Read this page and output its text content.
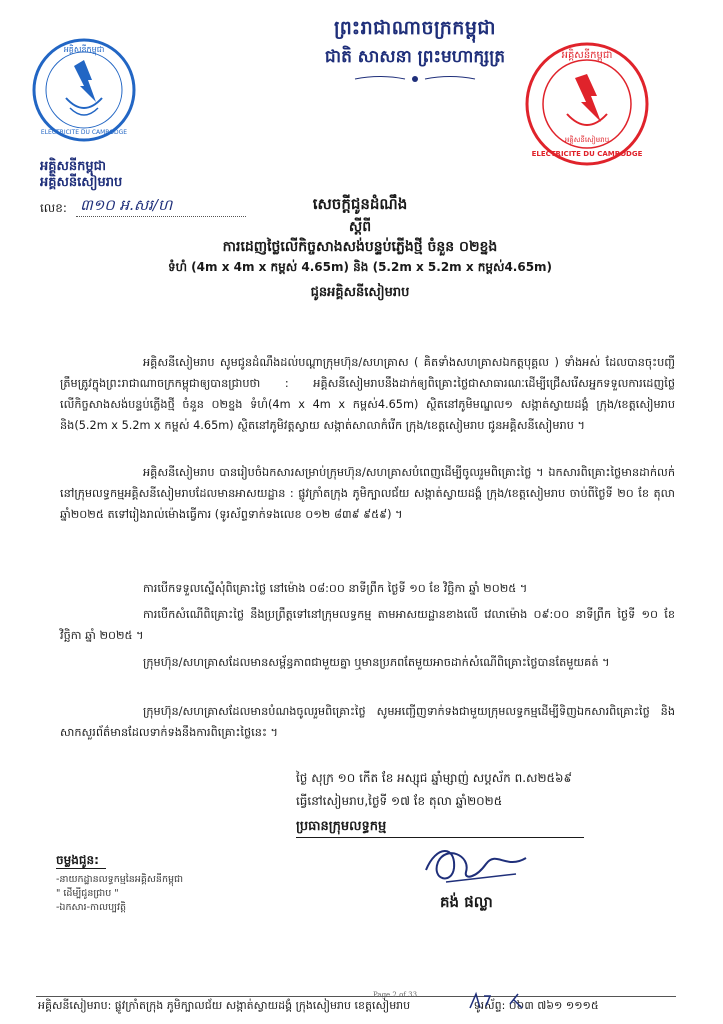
ព្រះរាជាណាចក្រកម្ពុជា
ជាតិ សាសនា ព្រះមហាក្សត្រ
អគ្គិសនីកម្ពុជា
ELECTRICITE DU CAMBODGE
អគ្គិសនីកម្ពុជា
អគ្គិសនីសៀមរាប
លេខ: ៣១០ អ.សរ/ហ
អគ្គិសនីកម្ពុជា
ELECTRICITE DU CAMBODGE
អគ្គិសនីសៀមរាប
សេចក្តីជូនដំណឹង
ស្តីពី
ការដេញថ្លៃលើកិច្ចសាងសង់បន្ទប់ភ្លើងថ្មី ចំនួន ០២ខ្នង
ទំហំ (4m x 4m x កម្ពស់ 4.65m) និង (5.2m x 5.2m x កម្ពស់4.65m)
ជូនអគ្គិសនីសៀមរាប
អគ្គិសនីសៀមរាប សូមជូនដំណឹងដល់បណ្តាក្រុមហ៊ុន/សហគ្រាស ( គិតទាំងសហគ្រាសឯកត្តបុគ្គល ) ទាំងអស់ ដែលបានចុះបញ្ជីត្រឹមត្រូវក្នុងព្រះរាជាណាចក្រកម្ពុជាឲ្យបានជ្រាបថា : អគ្គិសនីសៀមរាបនឹងដាក់ឲ្យពិគ្រោះថ្លៃជាសាធារណៈដើម្បីជ្រើសរើសអ្នកទទួលការដេញថ្លៃលើកិច្ចសាងសង់បន្ទប់ភ្លើងថ្មី ចំនួន ០២ខ្នង ទំហំ(4m x 4m x កម្ពស់4.65m) ស្ថិតនៅភូមិមណ្ឌល១ សង្កាត់ស្វាយដង្គំ ក្រុង/ខេត្តសៀមរាប និង(5.2m x 5.2m x កម្ពស់ 4.65m) ស្ថិតនៅភូមិវត្តស្វាយ សង្កាត់សាលាកំរើក ក្រុង/ខេត្តសៀមរាប ជូនអគ្គិសនីសៀមរាប ។
អគ្គិសនីសៀមរាប បានរៀបចំឯកសារសម្រាប់ក្រុមហ៊ុន/សហគ្រាសបំពេញដើម្បីចូលរួមពិគ្រោះថ្លៃ ។ ឯកសារពិគ្រោះថ្លៃមានដាក់លក់នៅក្រុមលទ្ធកម្មអគ្គិសនីសៀមរាបដែលមានអាសយដ្ឋាន : ផ្លូវក្រាំតក្រុង ភូមិក្បាលជ័យ សង្កាត់ស្វាយដង្គំ ក្រុង/ខេត្តសៀមរាប ចាប់ពីថ្ងៃទី ២០ ខែ តុលា ឆ្នាំ២០២៥ តទៅរៀងរាល់ម៉ោងធ្វើការ (ទូរស័ព្ទទាក់ទងលេខ ០១២ ៨៣៩ ៩៥៩) ។
ការបើកទទួលស្នើសុំពិគ្រោះថ្លៃ នៅម៉ោង ០៨:០០ នាទីព្រឹក ថ្ងៃទី ១០ ខែ វិច្ឆិកា ឆ្នាំ ២០២៥ ។
ការបើកសំណើពិគ្រោះថ្លៃ នឹងប្រព្រឹត្តទៅនៅក្រុមលទ្ធកម្ម តាមអាសយដ្ឋានខាងលើ វេលាម៉ោង ០៩:០០ នាទីព្រឹក ថ្ងៃទី ១០ ខែ វិច្ឆិកា ឆ្នាំ ២០២៥ ។
ក្រុមហ៊ុន/សហគ្រាសដែលមានសម្ព័ន្ធភាពជាមួយគ្នា ឬមានប្រភពតែមួយអាចដាក់សំណើពិគ្រោះថ្លៃបានតែមួយគត់ ។
ក្រុមហ៊ុន/សហគ្រាសដែលមានបំណងចូលរួមពិគ្រោះថ្លៃ សូមអញ្ជើញទាក់ទងជាមួយក្រុមលទ្ធកម្មដើម្បីទិញឯកសារពិគ្រោះថ្លៃ និងសាកសួរព័ត៌មានដែលទាក់ទងនឹងការពិគ្រោះថ្លៃនេះ ។
ថ្ងៃ សុក្រ ១០ កើត ខែ អស្សុជ ឆ្នាំម្សាញ់ សប្តស័ក ព.ស២៥៦៩
ធ្វើនៅសៀមរាប,ថ្ងៃទី ១៧ ខែ តុលា ឆ្នាំ២០២៥
ប្រធានក្រុមលទ្ធកម្ម
គង់ ផល្លា
ចម្លងជូន:
-នាយកដ្ឋានលទ្ធកម្មនៃអគ្គិសនីកម្ពុជា
" ដើម្បីជូនជ្រាប "
-ឯកសារ-កាលប្បវត្តិ
Page 2 of 33
អគ្គិសនីសៀមរាប: ផ្លូវក្រាំតក្រុង ភូមិក្បាលជ័យ សង្កាត់ស្វាយដង្គំ ក្រុងសៀមរាប ខេត្តសៀមរាប	ទូរស័ព្ទ: ០៦៣ ៧៦១ ១១១៥
